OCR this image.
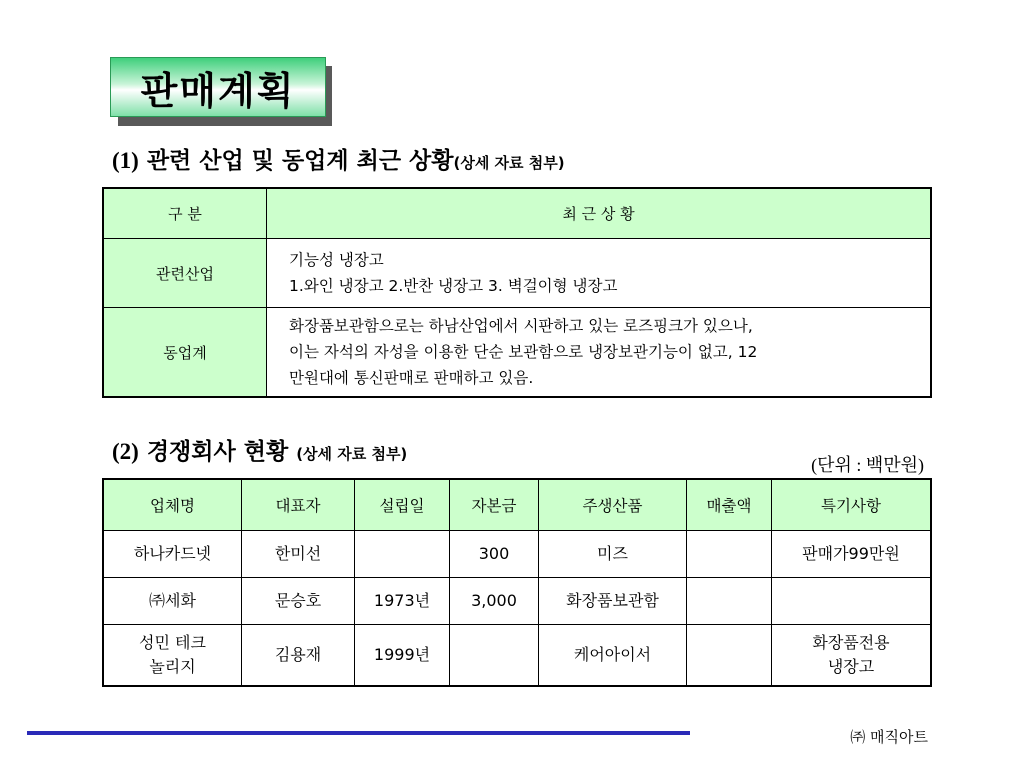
판매계획
(1) 관련 산업 및 동업계 최근 상황(상세 자료 첨부)
구 분	최 근 상 황
관련산업	기능성 냉장고
1.와인 냉장고 2.반찬 냉장고 3. 벽걸이형 냉장고

동업계	화장품보관함으로는 하남산업에서 시판하고 있는 로즈핑크가 있으나,
이는 자석의 자성을 이용한 단순 보관함으로 냉장보관기능이 없고, 12
만원대에 통신판매로 판매하고 있음.
(2) 경쟁회사 현황 (상세 자료 첨부)
(단위 : 백만원)
업체명	대표자	설립일	자본금	주생산품	매출액	특기사항
하나카드넷	한미선		300	미즈		판매가99만원
㈜세화	문승호	1973년	3,000	화장품보관함		
성민 테크
놀리지	김용재	1999년		케어아이서		화장품전용
냉장고
㈜ 매직아트
